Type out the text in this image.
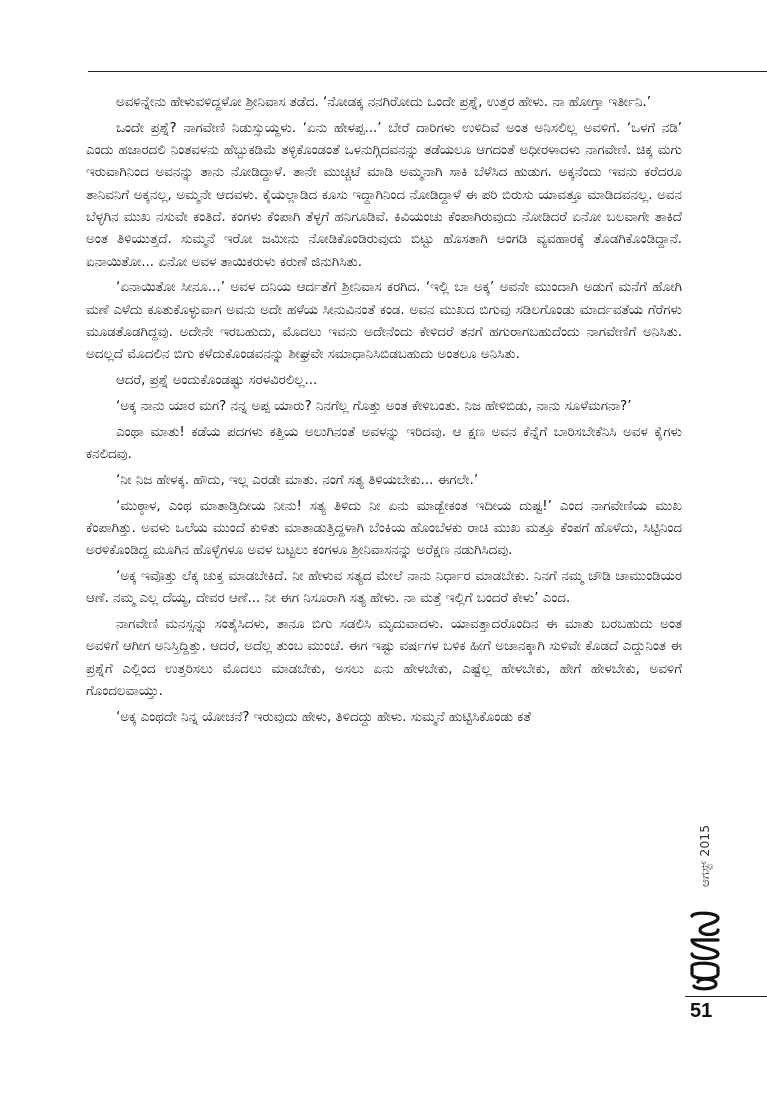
ಅವಳಿನ್ನೇನು ಹೇಳುವಳಿದ್ದಳೋ ಶ್ರೀನಿವಾಸ ತಡೆದ. ‘ನೋಡಕ್ಕ ನನಗಿರೋದು ಒಂದೇ ಪ್ರಶ್ನೆ, ಉತ್ತರ ಹೇಳು. ನಾ ಹೋಗ್ತಾ ಇರ್ತೀನಿ.’

ಒಂದೇ ಪ್ರಶ್ನೆ? ನಾಗವೇಣಿ ನಿಡುಸ್ಸುಯ್ದಳು. ‘ಏನು ಹೇಳಪ್ಪ...’ ಬೇರೆ ದಾರಿಗಳು ಉಳಿದಿವೆ ಅಂತ ಅನಿಸಲಿಲ್ಲ ಅವಳಿಗೆ. ‘ಒಳಗೆ ನಡಿ’ ಎಂದು ಹಜಾರದಲಿ ನಿಂತವಳನು ಹೆಬ್ಬುಕಡಿಮೆ ತಳ್ಳಿಕೊಂಡಂತೆ ಒಳನುಗ್ಗಿದವನನ್ನು ತಡೆಯಲೂ ಆಗದಂತೆ ಅಧೀರಳಾದಳು ನಾಗವೇಣಿ. ಚಿಕ್ಕ ಮಗು ಇರುವಾಗಿನಿಂದ ಅವನನ್ನು ತಾನು ನೋಡಿದ್ದಾಳೆ. ತಾನೇ ಮುಚ್ಚಟೆ ಮಾಡಿ ಅಮ್ಮನಾಗಿ ಸಾಕಿ ಬೆಳೆಸಿದ ಹುಡುಗ. ಅಕ್ಕನೆಂದು ಇವನು ಕರೆದರೂ ತಾನಿವನಿಗೆ ಅಕ್ಕನಲ್ಲ, ಅಮ್ಮನೇ ಆದವಳು. ಕೈಯಲ್ಲಾಡಿದ ಕೂಸು ಇದ್ದಾಗಿನಿಂದ ನೋಡಿದ್ದಾಳೆ ಈ ಪರಿ ಬಿರುಸು ಯಾವತ್ತೂ ಮಾಡಿದವನಲ್ಲ. ಅವನ ಬೆಳ್ಳಗಿನ ಮುಖ ನಸುವೇ ಕಂತಿದೆ. ಕಂಗಳು ಕೆಂಪಾಗಿ ತೆಳ್ಳಗೆ ಹನಿಗೂಡಿವೆ. ಕಿವಿಯಂಚು ಕೆಂಪಾಗಿರುವುದು ನೋಡಿದರೆ ಏನೋ ಬಲವಾಗೇ ತಾಕಿದೆ ಅಂತ ತಿಳಿಯುತ್ತದೆ. ಸುಮ್ಮನೆ ಇರೋ ಜಮೀನು ನೋಡಿಕೊಂಡಿರುವುದು ಬಿಟ್ಟು ಹೊಸತಾಗಿ ಅಂಗಡಿ ವ್ಯವಹಾರಕ್ಕೆ ತೊಡಗಿಕೊಂಡಿದ್ದಾನೆ. ಏನಾಯಿತೋ... ಏನೋ ಅವಳ ತಾಯಿಕರುಳು ಕರುಣೆ ಜಿನುಗಿಸಿತು.

‘ಏನಾಯಿತೋ ಸೀನೂ...’ ಅವಳ ದನಿಯ ಆರ್ದತೆಗೆ ಶ್ರೀನಿವಾಸ ಕರಗಿದ. ‘ಇಲ್ಲಿ ಬಾ ಅಕ್ಕ’ ಅವನೇ ಮುಂದಾಗಿ ಅಡುಗೆ ಮನೆಗೆ ಹೋಗಿ ಮಣೆ ಎಳೆದು ಕೂತುಕೊಳ್ಳುವಾಗ ಅವನು ಅದೇ ಹಳೆಯ ಸೀನುವಿನಂತೆ ಕಂಡ. ಅವನ ಮುಖದ ಬಿಗುವು ಸಡಿಲಗೊಂಡು ಮಾರ್ದವತೆಯ ಗೆರೆಗಳು ಮೂಡತೊಡಗಿದ್ದವು. ಅದೇನೇ ಇರಬಹುದು, ಮೊದಲು ಇವನು ಅದೇನೆಂದು ಕೇಳಿದರೆ ತನಗೆ ಹಗುರಾಗಬಹುದೆಂದು ನಾಗವೇಣಿಗೆ ಅನಿಸಿತು. ಅದಲ್ಲದೆ ಮೊದಲಿನ ಬಿಗು ಕಳೆದುಕೊಂಡವನನ್ನು ಶೀಘ್ರವೇ ಸಮಾಧಾನಿಸಿಬಿಡಬಹುದು ಅಂತಲೂ ಅನಿಸಿತು.

ಆದರೆ, ಪ್ರಶ್ನೆ ಅಂದುಕೊಂಡಷ್ಟು ಸರಳವಿರಲಿಲ್ಲ...

‘ಅಕ್ಕ ನಾನು ಯಾರ ಮಗ? ನನ್ನ ಅಪ್ಪ ಯಾರು? ನಿನಗೆಲ್ಲ ಗೊತ್ತು ಅಂತ ಕೇಳಿಬಂತು. ನಿಜ ಹೇಳಿಬಿಡು, ನಾನು ಸೂಳೆಮಗನಾ?’

ಎಂಥಾ ಮಾತು! ಕಡೆಯ ಪದಗಳು ಕತ್ತಿಯ ಅಲುಗಿನಂತೆ ಅವಳನ್ನು ಇರಿದವು. ಆ ಕ್ಷಣ ಅವನ ಕೆನ್ನೆಗೆ ಬಾರಿಸಬೇಕೆನಿಸಿ ಅವಳ ಕೈಗಳು ಕನಲಿದವು.

‘ನೀ ನಿಜ ಹೇಳಕ್ಕ. ಹೌದು, ಇಲ್ಲ ಎರಡೇ ಮಾತು. ನಂಗೆ ಸತ್ಯ ತಿಳಿಯಬೇಕು... ಈಗಲೇ.’

‘ಮುಠ್ಠಾಳ, ಎಂಥ ಮಾತಾಡ್ತಿದೀಯ ನೀನು! ಸತ್ಯ ತಿಳಿದು ನೀ ಏನು ಮಾಡ್ಬೇಕಂತ ಇದೀಯ ದುಷ್ಟ!’ ಎಂದ ನಾಗವೇಣಿಯ ಮುಖ ಕೆಂಪಾಗಿತ್ತು. ಅವಳು ಒಲೆಯ ಮುಂದೆ ಕುಳಿತು ಮಾತಾಡುತ್ತಿದ್ದಳಾಗಿ ಬೆಂಕಿಯ ಹೊಂಬೆಳಕು ರಾಚಿ ಮುಖ ಮತ್ತೂ ಕೆಂಪಗೆ ಹೊಳೆದು, ಸಿಟ್ಟಿನಿಂದ ಅರಳಿಕೊಂಡಿದ್ದ ಮೂಗಿನ ಹೊಳ್ಳೆಗಳೂ ಅವಳ ಬಟ್ಟಲು ಕಂಗಳೂ ಶ್ರೀನಿವಾಸನನ್ನು ಅರೆಕ್ಷಣ ನಡುಗಿಸಿದವು.

‘ಅಕ್ಕ ಇವೊತ್ತು ಲೆಕ್ಕ ಚುಕ್ತ ಮಾಡಬೇಕಿದೆ. ನೀ ಹೇಳುವ ಸತ್ಯದ ಮೇಲೆ ನಾನು ನಿರ್ಧಾರ ಮಾಡಬೇಕು. ನಿನಗೆ ನಮ್ಮ ಚೌಡಿ ಚಾಮುಂಡಿಯರ ಆಣೆ. ನಮ್ಮ ಎಲ್ಲ ದೆಯ್ಯ, ದೇವರ ಆಣೆ... ನೀ ಈಗ ನಿಸೂರಾಗಿ ಸತ್ಯ ಹೇಳು. ನಾ ಮತ್ತೆ ಇಲ್ಲಿಗೆ ಬಂದರೆ ಕೇಳು’ ಎಂದ.

ನಾಗವೇಣಿ ಮನಸ್ಸನ್ನು ಸಂತೈಸಿದಳು, ತಾನೂ ಬಿಗು ಸಡಲಿಸಿ ಮೃದುವಾದಳು. ಯಾವತ್ತಾದರೊಂದಿನ ಈ ಮಾತು ಬರಬಹುದು ಅಂತ ಅವಳಿಗೆ ಆಗೀಗ ಅನಿಸ್ತಿದ್ದಿತ್ತು. ಆದರೆ, ಅದೆಲ್ಲ ತುಂಬ ಮುಂಚೆ. ಈಗ ಇಷ್ಟು ವರ್ಷಗಳ ಬಳಿಕ ಹೀಗೆ ಅಚಾನಕ್ಕಾಗಿ ಸುಳಿವೇ ಕೊಡದೆ ಎದ್ದುನಿಂತ ಈ ಪ್ರಶ್ನೆಗೆ ಎಲ್ಲಿಂದ ಉತ್ತರಿಸಲು ಮೊದಲು ಮಾಡಬೇಕು, ಅಸಲು ಏನು ಹೇಳಬೇಕು, ಎಷ್ಟೆಲ್ಲ ಹೇಳಬೇಕು, ಹೇಗೆ ಹೇಳಬೇಕು, ಅವಳಿಗೆ ಗೊಂದಲವಾಯ್ತು.

‘ಅಕ್ಕ ಎಂಥದೇ ನಿನ್ನ ಯೋಚನೆ? ಇರುವುದು ಹೇಳು, ತಿಳಿದದ್ದು ಹೇಳು. ಸುಮ್ಮನೆ ಹುಟ್ಟಿಸಿಕೊಂಡು ಕತೆ

ಆಗಸ್ಟ್ 2015
51
